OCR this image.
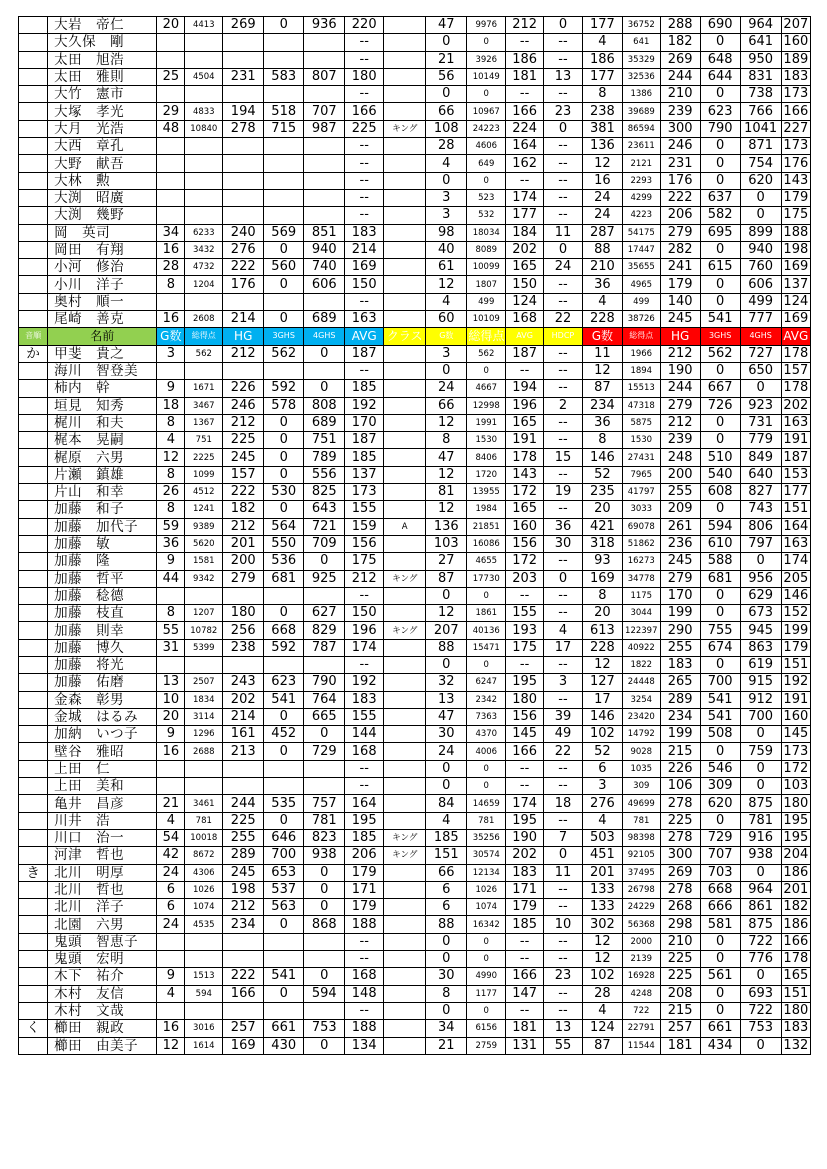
	大岩　帝仁	20	4413	269	0	936	220		47	9976	212	0	177	36752	288	690	964	207
	大久保　剛						--		0	0	--	--	4	641	182	0	641	160
	太田　旭浩						--		21	3926	186	--	186	35329	269	648	950	189
	太田　雅則	25	4504	231	583	807	180		56	10149	181	13	177	32536	244	644	831	183
	大竹　憲市						--		0	0	--	--	8	1386	210	0	738	173
	大塚　孝光	29	4833	194	518	707	166		66	10967	166	23	238	39689	239	623	766	166
	大月　光浩	48	10840	278	715	987	225	キング	108	24223	224	0	381	86594	300	790	1041	227
	大西　章孔						--		28	4606	164	--	136	23611	246	0	871	173
	大野　献吾						--		4	649	162	--	12	2121	231	0	754	176
	大林　勲						--		0	0	--	--	16	2293	176	0	620	143
	大渕　昭廣						--		3	523	174	--	24	4299	222	637	0	179
	大渕　幾野						--		3	532	177	--	24	4223	206	582	0	175
	岡　英司	34	6233	240	569	851	183		98	18034	184	11	287	54175	279	695	899	188
	岡田　有翔	16	3432	276	0	940	214		40	8089	202	0	88	17447	282	0	940	198
	小河　修治	28	4732	222	560	740	169		61	10099	165	24	210	35655	241	615	760	169
	小川　洋子	8	1204	176	0	606	150		12	1807	150	--	36	4965	179	0	606	137
	奥村　順一						--		4	499	124	--	4	499	140	0	499	124
	尾崎　善克	16	2608	214	0	689	163		60	10109	168	22	228	38726	245	541	777	169
音順	名前	G数	総得点	HG	3GHS	4GHS	AVG	クラス	G数	総得点	AVG	HDCP	G数	総得点	HG	3GHS	4GHS	AVG
か	甲斐　貴之	3	562	212	562	0	187		3	562	187	--	11	1966	212	562	727	178
	海川　智登美						--		0	0	--	--	12	1894	190	0	650	157
	柿内　幹	9	1671	226	592	0	185		24	4667	194	--	87	15513	244	667	0	178
	垣見　知秀	18	3467	246	578	808	192		66	12998	196	2	234	47318	279	726	923	202
	梶川　和夫	8	1367	212	0	689	170		12	1991	165	--	36	5875	212	0	731	163
	梶本　晃嗣	4	751	225	0	751	187		8	1530	191	--	8	1530	239	0	779	191
	梶原　六男	12	2225	245	0	789	185		47	8406	178	15	146	27431	248	510	849	187
	片瀬　鎮雄	8	1099	157	0	556	137		12	1720	143	--	52	7965	200	540	640	153
	片山　和幸	26	4512	222	530	825	173		81	13955	172	19	235	41797	255	608	827	177
	加藤　和子	8	1241	182	0	643	155		12	1984	165	--	20	3033	209	0	743	151
	加藤　加代子	59	9389	212	564	721	159	A	136	21851	160	36	421	69078	261	594	806	164
	加藤　敏	36	5620	201	550	709	156		103	16086	156	30	318	51862	236	610	797	163
	加藤　隆	9	1581	200	536	0	175		27	4655	172	--	93	16273	245	588	0	174
	加藤　哲平	44	9342	279	681	925	212	キング	87	17730	203	0	169	34778	279	681	956	205
	加藤　稔德						--		0	0	--	--	8	1175	170	0	629	146
	加藤　枝直	8	1207	180	0	627	150		12	1861	155	--	20	3044	199	0	673	152
	加藤　則幸	55	10782	256	668	829	196	キング	207	40136	193	4	613	122397	290	755	945	199
	加藤　博久	31	5399	238	592	787	174		88	15471	175	17	228	40922	255	674	863	179
	加藤　将光						--		0	0	--	--	12	1822	183	0	619	151
	加藤　佑磨	13	2507	243	623	790	192		32	6247	195	3	127	24448	265	700	915	192
	金森　彰男	10	1834	202	541	764	183		13	2342	180	--	17	3254	289	541	912	191
	金城　はるみ	20	3114	214	0	665	155		47	7363	156	39	146	23420	234	541	700	160
	加納　いつ子	9	1296	161	452	0	144		30	4370	145	49	102	14792	199	508	0	145
	壁谷　雅昭	16	2688	213	0	729	168		24	4006	166	22	52	9028	215	0	759	173
	上田　仁						--		0	0	--	--	6	1035	226	546	0	172
	上田　美和						--		0	0	--	--	3	309	106	309	0	103
	亀井　昌彦	21	3461	244	535	757	164		84	14659	174	18	276	49699	278	620	875	180
	川井　浩	4	781	225	0	781	195		4	781	195	--	4	781	225	0	781	195
	川口　治一	54	10018	255	646	823	185	キング	185	35256	190	7	503	98398	278	729	916	195
	河津　哲也	42	8672	289	700	938	206	キング	151	30574	202	0	451	92105	300	707	938	204
き	北川　明厚	24	4306	245	653	0	179		66	12134	183	11	201	37495	269	703	0	186
	北川　哲也	6	1026	198	537	0	171		6	1026	171	--	133	26798	278	668	964	201
	北川　洋子	6	1074	212	563	0	179		6	1074	179	--	133	24229	268	666	861	182
	北園　六男	24	4535	234	0	868	188		88	16342	185	10	302	56368	298	581	875	186
	鬼頭　智恵子						--		0	0	--	--	12	2000	210	0	722	166
	鬼頭　宏明						--		0	0	--	--	12	2139	225	0	776	178
	木下　祐介	9	1513	222	541	0	168		30	4990	166	23	102	16928	225	561	0	165
	木村　友信	4	594	166	0	594	148		8	1177	147	--	28	4248	208	0	693	151
	木村　文哉						--		0	0	--	--	4	722	215	0	722	180
く	櫛田　親政	16	3016	257	661	753	188		34	6156	181	13	124	22791	257	661	753	183
	櫛田　由美子	12	1614	169	430	0	134		21	2759	131	55	87	11544	181	434	0	132
